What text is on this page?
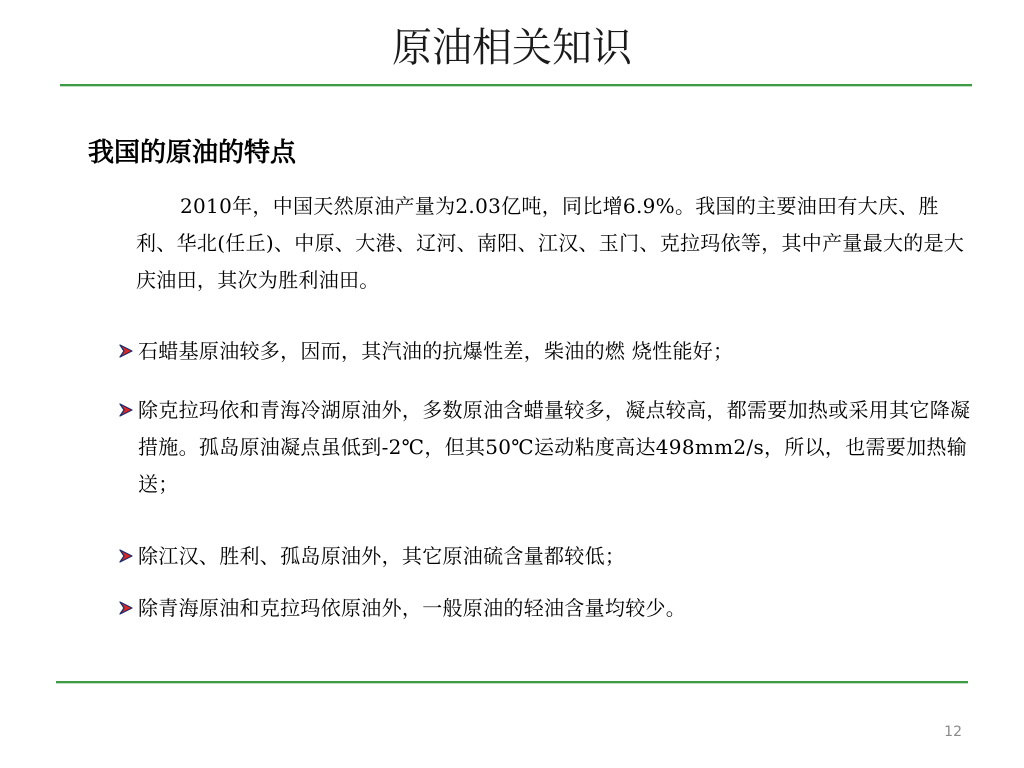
原油相关知识
我国的原油的特点
2010年，中国天然原油产量为2.03亿吨，同比增6.9%。我国的主要油田有大庆、胜利、华北(任丘)、中原、大港、辽河、南阳、江汉、玉门、克拉玛依等，其中产量最大的是大庆油田，其次为胜利油田。
石蜡基原油较多，因而，其汽油的抗爆性差，柴油的燃 烧性能好；
除克拉玛依和青海冷湖原油外，多数原油含蜡量较多，凝点较高，都需要加热或采用其它降凝措施。孤岛原油凝点虽低到-2℃，但其50℃运动粘度高达498mm2/s，所以，也需要加热输送；
除江汉、胜利、孤岛原油外，其它原油硫含量都较低；
除青海原油和克拉玛依原油外，一般原油的轻油含量均较少。
12
